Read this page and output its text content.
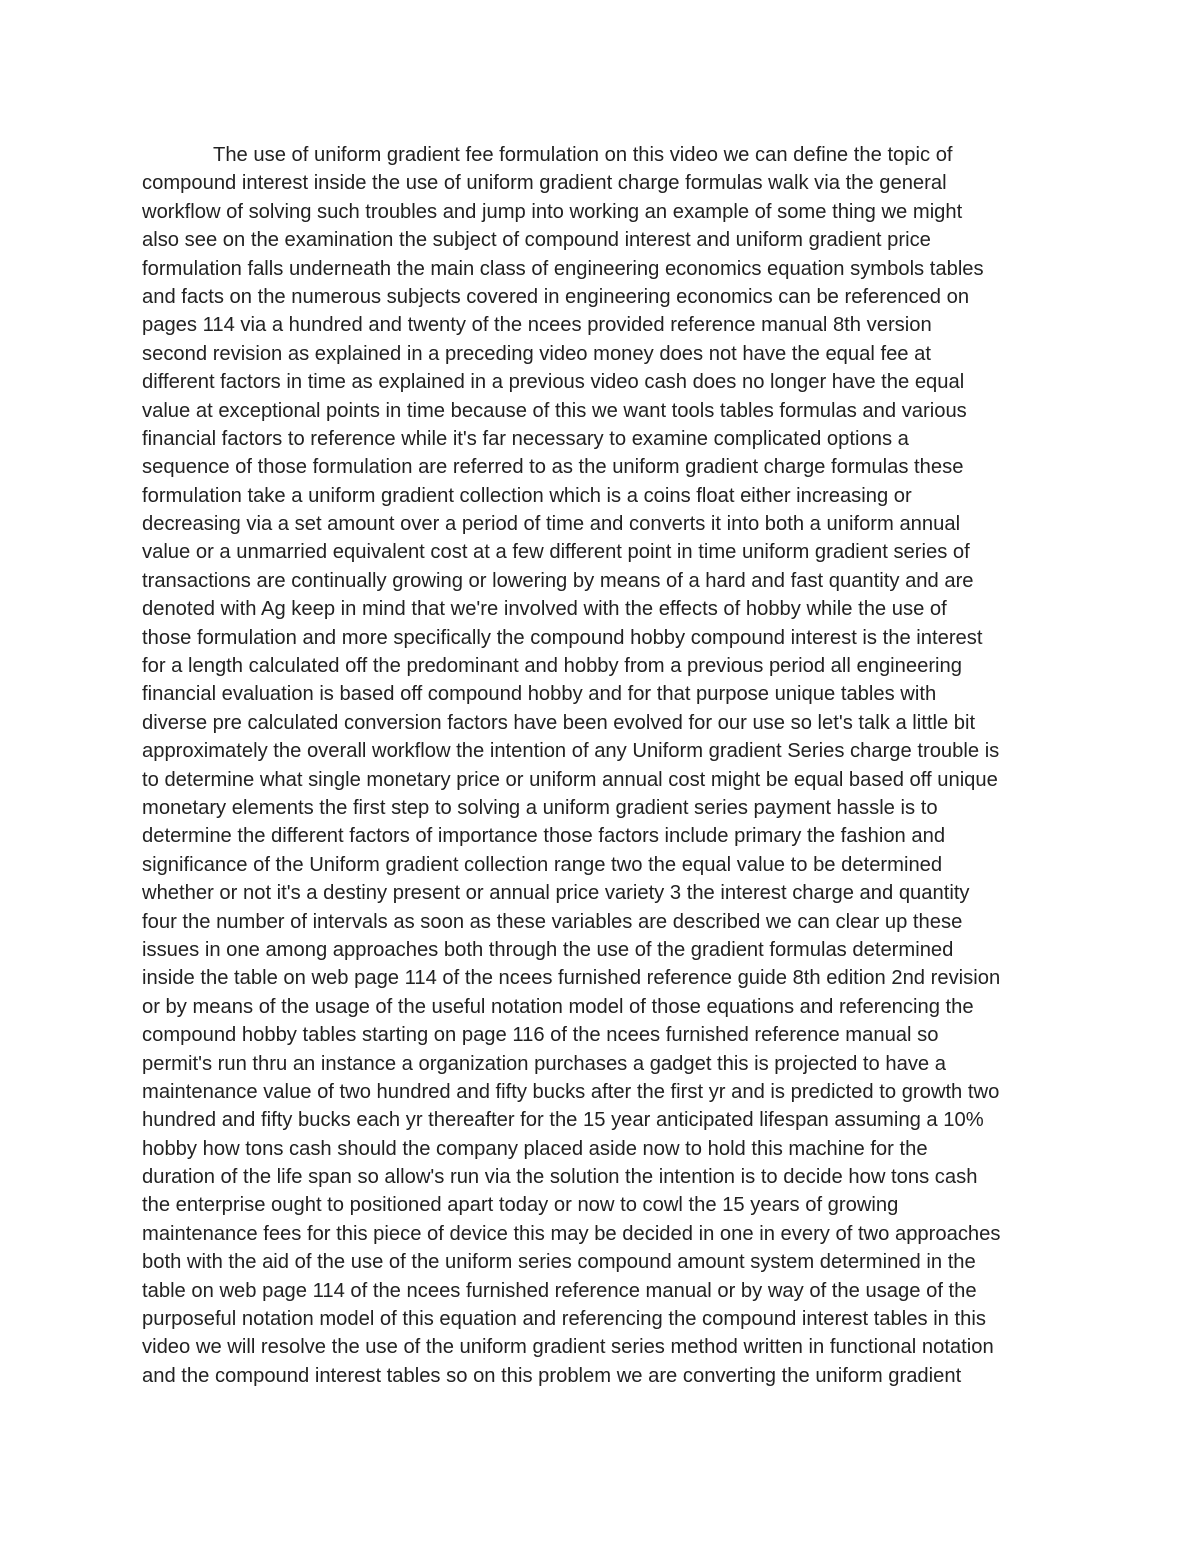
The use of uniform gradient fee formulation on this video we can define the topic of
compound interest inside the use of uniform gradient charge formulas walk via the general
workflow of solving such troubles and jump into working an example of some thing we might
also see on the examination the subject of compound interest and uniform gradient price
formulation falls underneath the main class of engineering economics equation symbols tables
and facts on the numerous subjects covered in engineering economics can be referenced on
pages 114 via a hundred and twenty of the ncees provided reference manual 8th version
second revision as explained in a preceding video money does not have the equal fee at
different factors in time as explained in a previous video cash does no longer have the equal
value at exceptional points in time because of this we want tools tables formulas and various
financial factors to reference while it's far necessary to examine complicated options a
sequence of those formulation are referred to as the uniform gradient charge formulas these
formulation take a uniform gradient collection which is a coins float either increasing or
decreasing via a set amount over a period of time and converts it into both a uniform annual
value or a unmarried equivalent cost at a few different point in time uniform gradient series of
transactions are continually growing or lowering by means of a hard and fast quantity and are
denoted with Ag keep in mind that we're involved with the effects of hobby while the use of
those formulation and more specifically the compound hobby compound interest is the interest
for a length calculated off the predominant and hobby from a previous period all engineering
financial evaluation is based off compound hobby and for that purpose unique tables with
diverse pre calculated conversion factors have been evolved for our use so let's talk a little bit
approximately the overall workflow the intention of any Uniform gradient Series charge trouble is
to determine what single monetary price or uniform annual cost might be equal based off unique
monetary elements the first step to solving a uniform gradient series payment hassle is to
determine the different factors of importance those factors include primary the fashion and
significance of the Uniform gradient collection range two the equal value to be determined
whether or not it's a destiny present or annual price variety 3 the interest charge and quantity
four the number of intervals as soon as these variables are described we can clear up these
issues in one among approaches both through the use of the gradient formulas determined
inside the table on web page 114 of the ncees furnished reference guide 8th edition 2nd revision
or by means of the usage of the useful notation model of those equations and referencing the
compound hobby tables starting on page 116 of the ncees furnished reference manual so
permit's run thru an instance a organization purchases a gadget this is projected to have a
maintenance value of two hundred and fifty bucks after the first yr and is predicted to growth two
hundred and fifty bucks each yr thereafter for the 15 year anticipated lifespan assuming a 10%
hobby how tons cash should the company placed aside now to hold this machine for the
duration of the life span so allow's run via the solution the intention is to decide how tons cash
the enterprise ought to positioned apart today or now to cowl the 15 years of growing
maintenance fees for this piece of device this may be decided in one in every of two approaches
both with the aid of the use of the uniform series compound amount system determined in the
table on web page 114 of the ncees furnished reference manual or by way of the usage of the
purposeful notation model of this equation and referencing the compound interest tables in this
video we will resolve the use of the uniform gradient series method written in functional notation
and the compound interest tables so on this problem we are converting the uniform gradient
